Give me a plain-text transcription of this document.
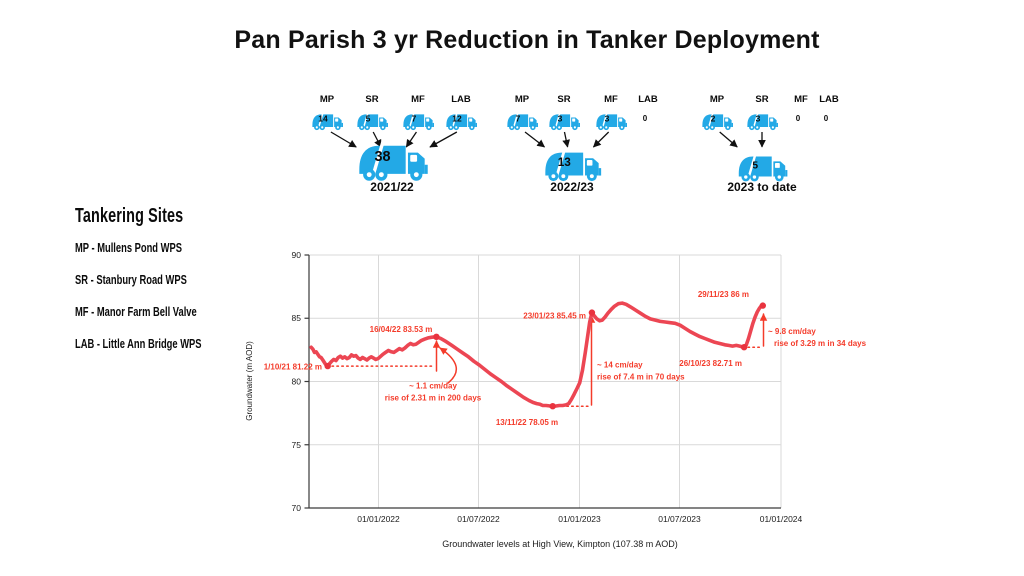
Pan Parish 3 yr Reduction in Tanker Deployment
MP
14
SR
5
MF
7
LAB
12
38
2021/22
MP
7
SR
3
MF
3
LAB
0
13
2022/23
MP
2
SR
3
MF
0
LAB
0
5
2023 to date
Tankering Sites
MP - Mullens Pond WPS
SR - Stanbury Road WPS
MF - Manor Farm Bell Valve
LAB - Little Ann Bridge WPS
90
85
80
75
70
01/01/2022	01/07/2022	01/01/2023	01/07/2023	01/01/2024
Groundwater (m AOD)
Groundwater levels at High View, Kimpton (107.38 m AOD)
1/10/21 81.22 m
16/04/22 83.53 m
13/11/22 78.05 m
23/01/23 85.45 m
26/10/23 82.71 m
29/11/23 86 m
~ 1.1 cm/day
rise of 2.31 m in 200 days
~ 14 cm/day
rise of 7.4 m in 70 days
~ 9.8 cm/day
rise of 3.29 m in 34 days
